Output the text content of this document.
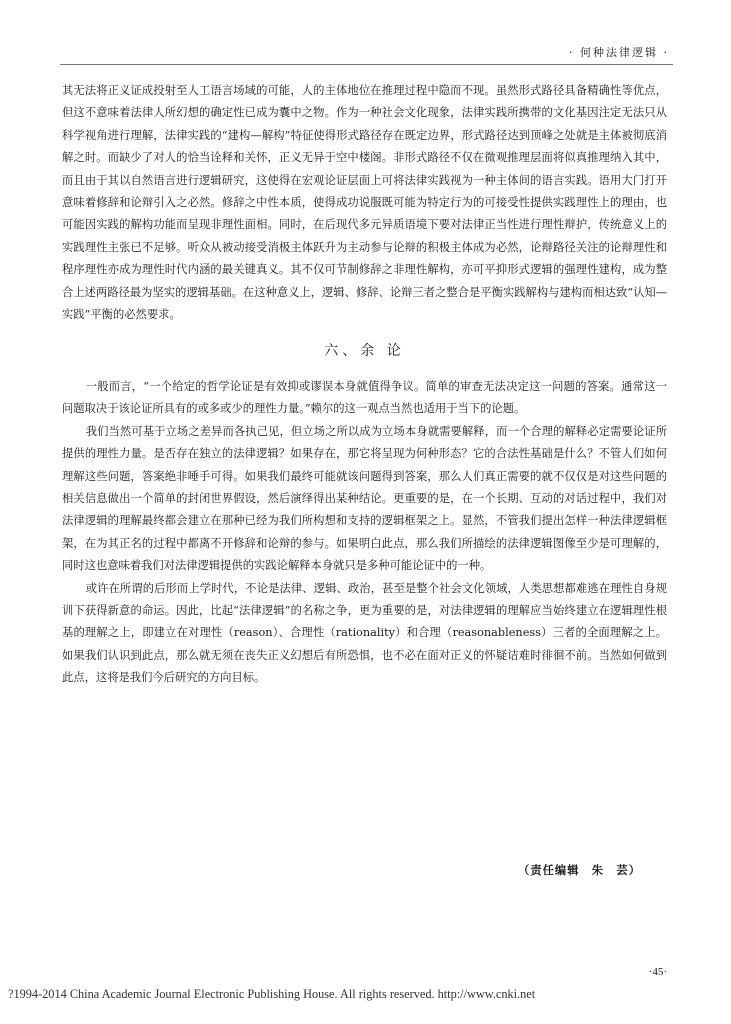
· 何种法律逻辑 ·

其无法将正义证成投射至人工语言场域的可能，人的主体地位在推理过程中隐而不现。虽然形式路径具备精确性等优点，但这不意味着法律人所幻想的确定性已成为囊中之物。作为一种社会文化现象，法律实践所携带的文化基因注定无法只从科学视角进行理解，法律实践的“建构—解构”特征使得形式路径存在既定边界，形式路径达到顶峰之处就是主体被彻底消解之时。而缺少了对人的恰当诠释和关怀，正义无异于空中楼阁。非形式路径不仅在微观推理层面将似真推理纳入其中，而且由于其以自然语言进行逻辑研究，这使得在宏观论证层面上可将法律实践视为一种主体间的语言实践。语用大门打开意味着修辞和论辩引入之必然。修辞之中性本质，使得成功说服既可能为特定行为的可接受性提供实践理性上的理由，也可能因实践的解构功能而呈现非理性面相。同时，在后现代多元异质语境下要对法律正当性进行理性辩护，传统意义上的实践理性主张已不足够。听众从被动接受消极主体跃升为主动参与论辩的积极主体成为必然，论辩路径关注的论辩理性和程序理性亦成为理性时代内涵的最关键真义。其不仅可节制修辞之非理性解构，亦可平抑形式逻辑的强理性建构，成为整合上述两路径最为坚实的逻辑基础。在这种意义上，逻辑、修辞、论辩三者之整合是平衡实践解构与建构而相达致“认知—实践”平衡的必然要求。

六、余 论

一般而言，“一个给定的哲学论证是有效抑或谬误本身就值得争议。简单的审查无法决定这一问题的答案。通常这一问题取决于该论证所具有的或多或少的理性力量。”赖尔的这一观点当然也适用于当下的论题。

我们当然可基于立场之差异而各执己见，但立场之所以成为立场本身就需要解释，而一个合理的解释必定需要论证所提供的理性力量。是否存在独立的法律逻辑？如果存在，那它将呈现为何种形态？它的合法性基础是什么？不管人们如何理解这些问题，答案绝非唾手可得。如果我们最终可能就该问题得到答案，那么人们真正需要的就不仅仅是对这些问题的相关信息做出一个简单的封闭世界假设，然后演绎得出某种结论。更重要的是，在一个长期、互动的对话过程中，我们对法律逻辑的理解最终都会建立在那种已经为我们所构想和支持的逻辑框架之上。显然，不管我们提出怎样一种法律逻辑框架，在为其正名的过程中都离不开修辞和论辩的参与。如果明白此点，那么我们所描绘的法律逻辑图像至少是可理解的，同时这也意味着我们对法律逻辑提供的实践论解释本身就只是多种可能论证中的一种。

或许在所谓的后形而上学时代，不论是法律、逻辑、政治，甚至是整个社会文化领域，人类思想都难逃在理性自身规训下获得新意的命运。因此，比起“法律逻辑”的名称之争，更为重要的是，对法律逻辑的理解应当始终建立在逻辑理性根基的理解之上，即建立在对理性（reason）、合理性（rationality）和合理（reasonableness）三者的全面理解之上。如果我们认识到此点，那么就无须在丧失正义幻想后有所恐惧，也不必在面对正义的怀疑诘难时徘徊不前。当然如何做到此点，这将是我们今后研究的方向目标。

（责任编辑　朱　芸）
·45·
?1994-2014 China Academic Journal Electronic Publishing House. All rights reserved. http://www.cnki.net
